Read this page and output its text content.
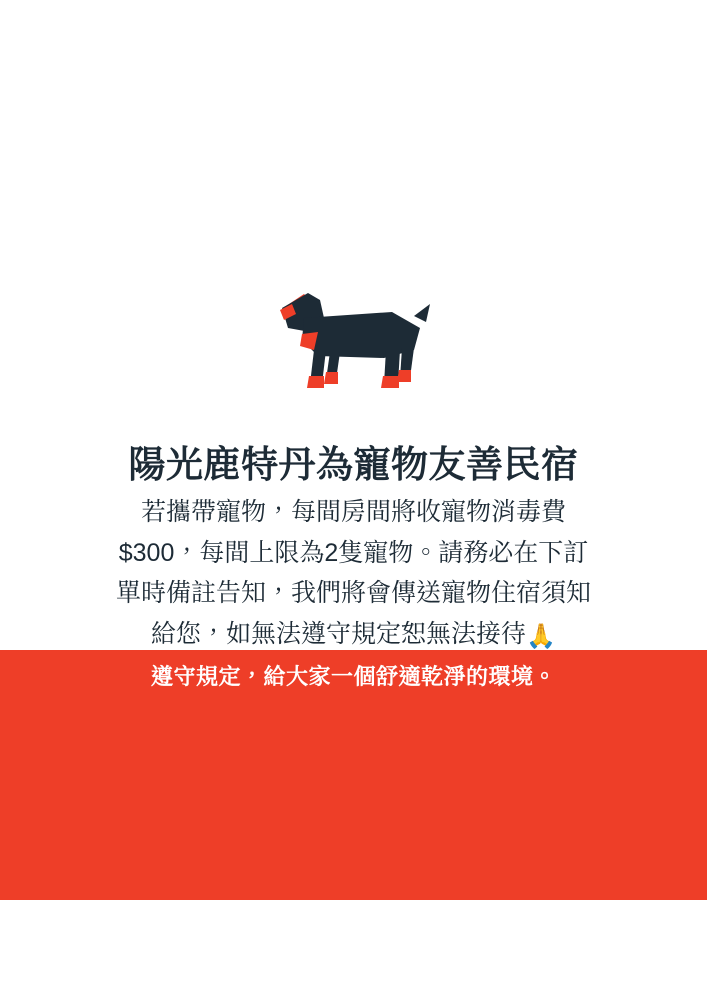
陽光鹿特丹為寵物友善民宿
若攜帶寵物，每間房間將收寵物消毒費
$300，每間上限為2隻寵物。請務必在下訂
單時備註告知，我們將會傳送寵物住宿須知
給您，如無法遵守規定恕無法接待🙏
遵守規定，給大家一個舒適乾淨的環境。
